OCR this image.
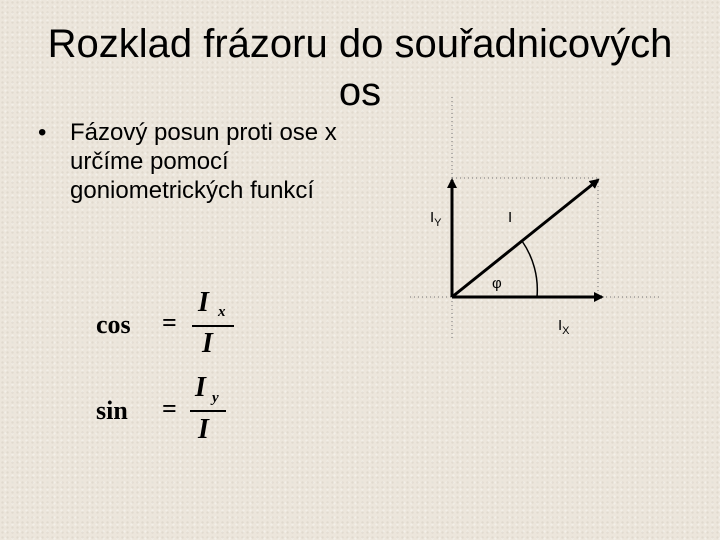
Rozklad frázoru do souřadnicových
os
• Fázový posun proti ose x určíme pomocí goniometrických funkcí
cos =
I x
I
sin =
I y
I
$I_Y$	I
φ
$I_X$
